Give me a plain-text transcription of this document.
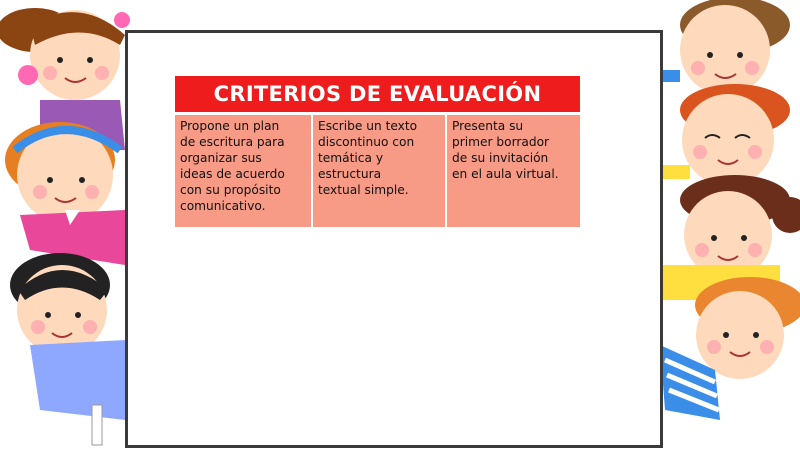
CRITERIOS DE EVALUACIÓN
Propone un plan
de escritura para
organizar sus
ideas de acuerdo
con su propósito
comunicativo.
Escribe un texto
discontinuo con
temática y
estructura
textual simple.
Presenta su
primer borrador
de su invitación
en el aula virtual.
